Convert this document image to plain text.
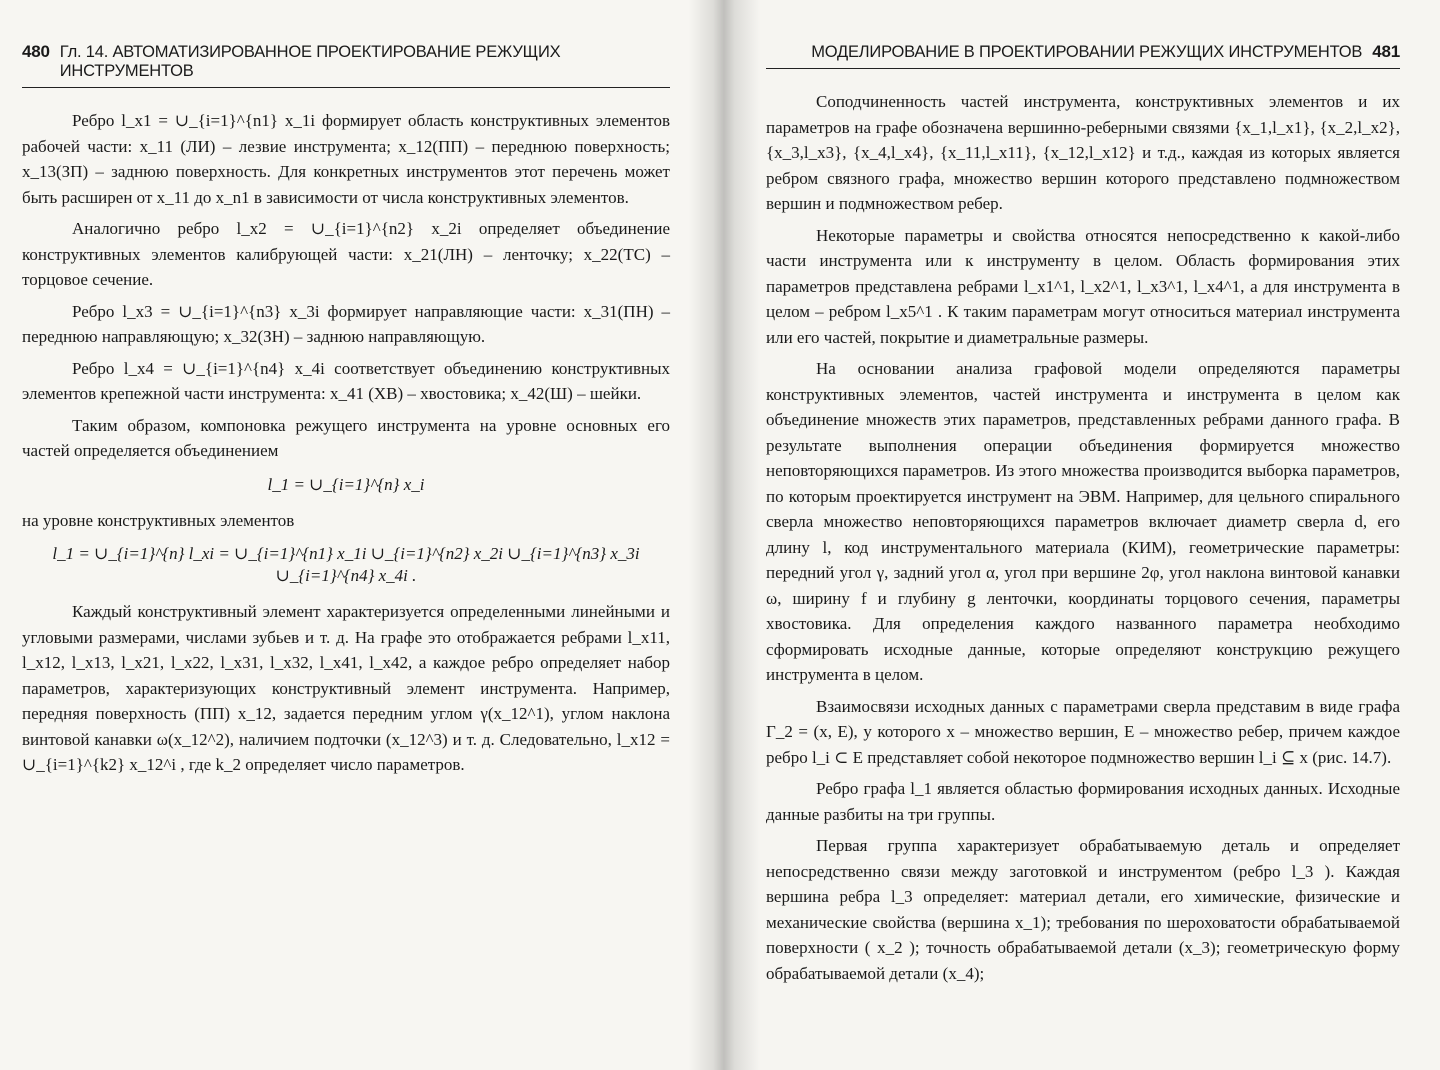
480 Гл. 14. АВТОМАТИЗИРОВАННОЕ ПРОЕКТИРОВАНИЕ РЕЖУЩИХ ИНСТРУМЕНТОВ

Ребро l_x1 = ∪_{i=1}^{n1} x_1i формирует область конструктивных элементов рабочей части: x_11 (ЛИ) – лезвие инструмента; x_12(ПП) – переднюю поверхность; x_13(ЗП) – заднюю поверхность. Для конкретных инструментов этот перечень может быть расширен от x_11 до x_n1 в зависимости от числа конструктивных элементов.

Аналогично ребро l_x2 = ∪_{i=1}^{n2} x_2i определяет объединение конструктивных элементов калибрующей части: x_21(ЛН) – ленточку; x_22(ТС) – торцовое сечение.

Ребро l_x3 = ∪_{i=1}^{n3} x_3i формирует направляющие части: x_31(ПН) – переднюю направляющую; x_32(ЗН) – заднюю направляющую.

Ребро l_x4 = ∪_{i=1}^{n4} x_4i соответствует объединению конструктивных элементов крепежной части инструмента: x_41 (ХВ) – хвостовика; x_42(Ш) – шейки.

Таким образом, компоновка режущего инструмента на уровне основных его частей определяется объединением

l_1 = ∪_{i=1}^{n} x_i

на уровне конструктивных элементов

l_1 = ∪_{i=1}^{n} l_xi = ∪_{i=1}^{n1} x_1i ∪_{i=1}^{n2} x_2i ∪_{i=1}^{n3} x_3i ∪_{i=1}^{n4} x_4i .

Каждый конструктивный элемент характеризуется определенными линейными и угловыми размерами, числами зубьев и т. д. На графе это отображается ребрами l_x11, l_x12, l_x13, l_x21, l_x22, l_x31, l_x32, l_x41, l_x42, а каждое ребро определяет набор параметров, характеризующих конструктивный элемент инструмента. Например, передняя поверхность (ПП) x_12, задается передним углом γ(x_12^1), углом наклона винтовой канавки ω(x_12^2), наличием подточки (x_12^3) и т. д. Следовательно, l_x12 = ∪_{i=1}^{k2} x_12^i , где k_2 определяет число параметров.

МОДЕЛИРОВАНИЕ В ПРОЕКТИРОВАНИИ РЕЖУЩИХ ИНСТРУМЕНТОВ 481

Соподчиненность частей инструмента, конструктивных элементов и их параметров на графе обозначена вершинно-реберными связями {x_1,l_x1}, {x_2,l_x2}, {x_3,l_x3}, {x_4,l_x4}, {x_11,l_x11}, {x_12,l_x12} и т.д., каждая из которых является ребром связного графа, множество вершин которого представлено подмножеством вершин и подмножеством ребер.

Некоторые параметры и свойства относятся непосредственно к какой-либо части инструмента или к инструменту в целом. Область формирования этих параметров представлена ребрами l_x1^1, l_x2^1, l_x3^1, l_x4^1, а для инструмента в целом – ребром l_x5^1 . К таким параметрам могут относиться материал инструмента или его частей, покрытие и диаметральные размеры.

На основании анализа графовой модели определяются параметры конструктивных элементов, частей инструмента и инструмента в целом как объединение множеств этих параметров, представленных ребрами данного графа. В результате выполнения операции объединения формируется множество неповторяющихся параметров. Из этого множества производится выборка параметров, по которым проектируется инструмент на ЭВМ. Например, для цельного спирального сверла множество неповторяющихся параметров включает диаметр сверла d, его длину l, код инструментального материала (КИМ), геометрические параметры: передний угол γ, задний угол α, угол при вершине 2φ, угол наклона винтовой канавки ω, ширину f и глубину g ленточки, координаты торцового сечения, параметры хвостовика. Для определения каждого названного параметра необходимо сформировать исходные данные, которые определяют конструкцию режущего инструмента в целом.

Взаимосвязи исходных данных с параметрами сверла представим в виде графа Γ_2 = (x, E), у которого x – множество вершин, E – множество ребер, причем каждое ребро l_i ⊂ E представляет собой некоторое подмножество вершин l_i ⊆ x (рис. 14.7).

Ребро графа l_1 является областью формирования исходных данных. Исходные данные разбиты на три группы.

Первая группа характеризует обрабатываемую деталь и определяет непосредственно связи между заготовкой и инструментом (ребро l_3 ). Каждая вершина ребра l_3 определяет: материал детали, его химические, физические и механические свойства (вершина x_1); требования по шероховатости обрабатываемой поверхности ( x_2 ); точность обрабатываемой детали (x_3); геометрическую форму обрабатываемой детали (x_4);
